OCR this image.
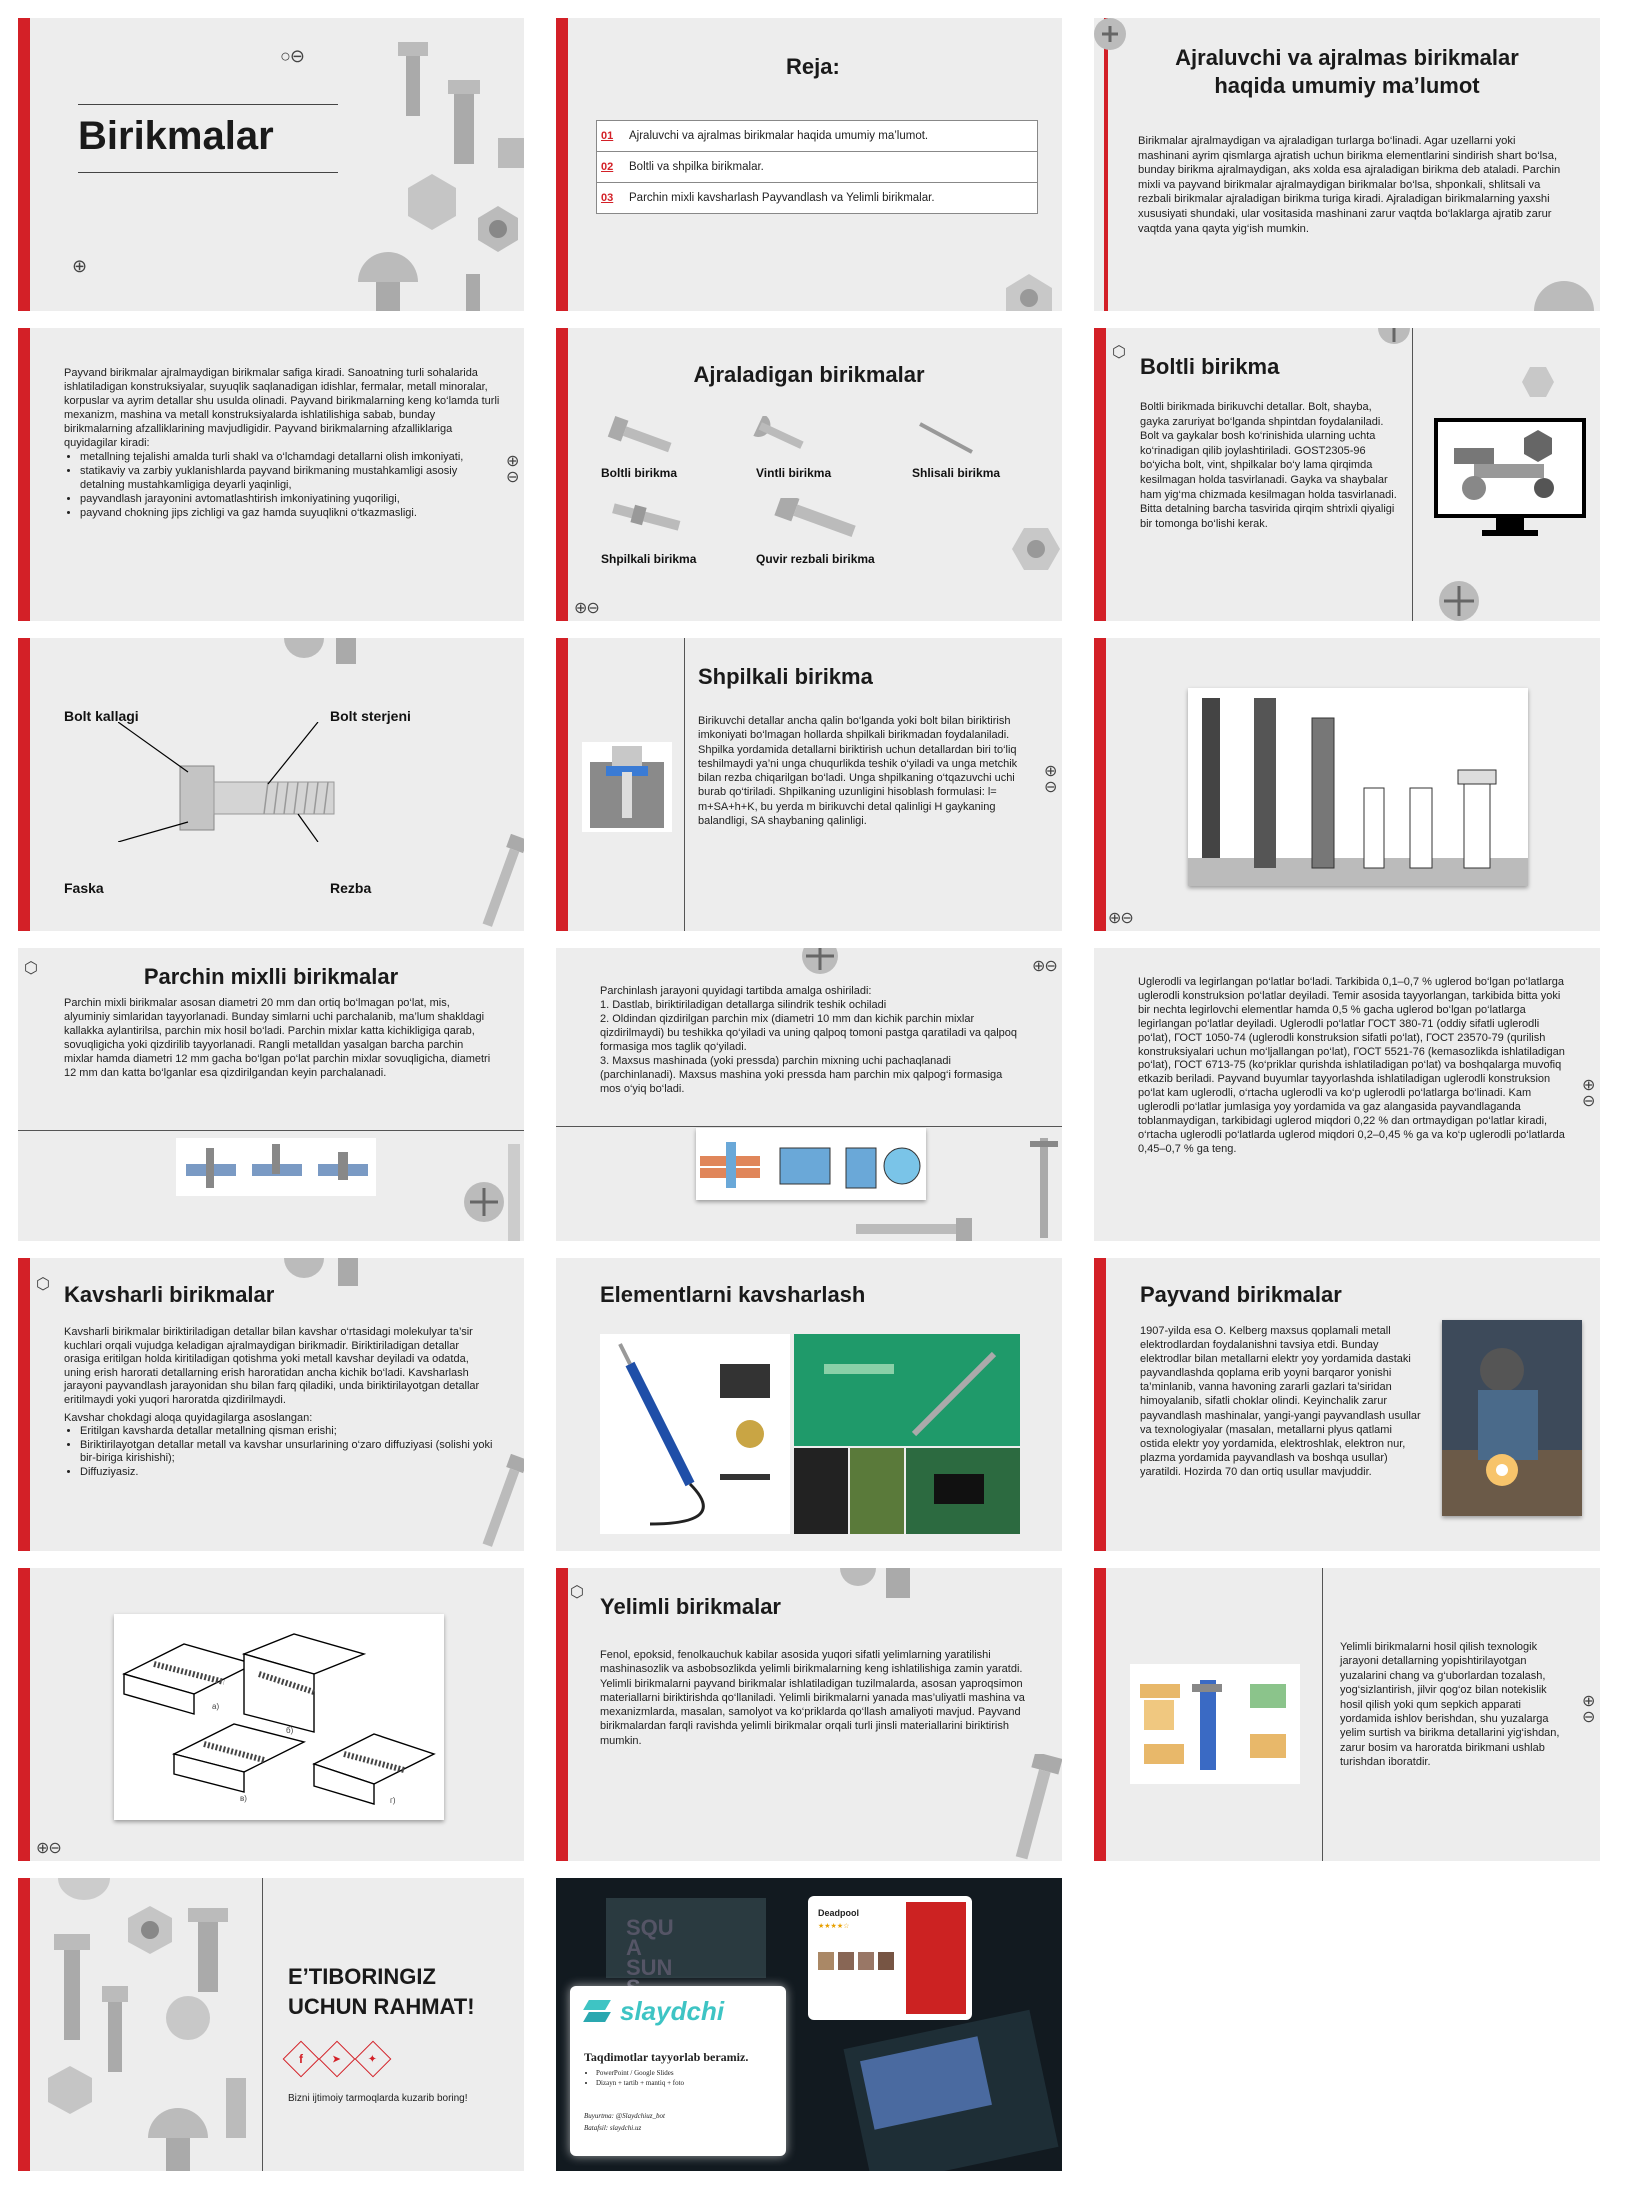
Birikmalar
○⊖
⊕
Reja:
01	Ajraluvchi va ajralmas birikmalar haqida umumiy ma’lumot.
02	Boltli va shpilka birikmalar.
03	Parchin mixli kavsharlash Payvandlash va Yelimli birikmalar.
Ajraluvchi va ajralmas birikmalar
haqida umumiy ma’lumot
Birikmalar ajralmaydigan va ajraladigan turlarga bo‘linadi. Agar uzellarni yoki mashinani ayrim qismlarga ajratish uchun birikma elementlarini sindirish shart bo‘lsa, bunday birikma ajralmaydigan, aks xolda esa ajraladigan birikma deb ataladi. Parchin mixli va payvand birikmalar ajralmaydigan birikmalar bo‘lsa, shponkali, shlitsali va rezbali birikmalar ajraladigan birikma turiga kiradi. Ajraladigan birikmalarning yaxshi xususiyati shundaki, ular vositasida mashinani zarur vaqtda bo‘laklarga ajratib zarur vaqtda yana qayta yig‘ish mumkin.
Payvand birikmalar ajralmaydigan birikmalar safiga kiradi. Sanoatning turli sohalarida ishlatiladigan konstruksiyalar, suyuqlik saqlanadigan idishlar, fermalar, metall minoralar, korpuslar va ayrim detallar shu usulda olinadi. Payvand birikmalarning keng ko‘lamda turli mexanizm, mashina va metall konstruksiyalarda ishlatilishiga sabab, bunday birikmalarning afzalliklarining mavjudligidir. Payvand birikmalarning afzalliklariga quyidagilar kiradi:
• metallning tejalishi amalda turli shakl va o‘lchamdagi detallarni olish imkoniyati,
• statikaviy va zarbiy yuklanishlarda payvand birikmaning mustahkamligi asosiy detalning mustahkamligiga deyarli yaqinligi,
• payvandlash jarayonini avtomatlashtirish imkoniyatining yuqoriligi,
• payvand chokning jips zichligi va gaz hamda suyuqlikni o‘tkazmasligi.
⊕
⊖
Ajraladigan birikmalar
Boltli birikma	Vintli birikma	Shlisali birikma
Shpilkali birikma	Quvir rezbali birikma
⊕⊖
⬡
Boltli birikma
Boltli birikmada birikuvchi detallar. Bolt, shayba, gayka zaruriyat bo‘lganda shpintdan foydalaniladi. Bolt va gaykalar bosh ko‘rinishida ularning uchta ko‘rinadigan qilib joylashtiriladi. GOST2305-96 bo‘yicha bolt, vint, shpilkalar bo‘y lama qirqimda kesilmagan holda tasvirlanadi. Gayka va shaybalar ham yig‘ma chizmada kesilmagan holda tasvirlanadi. Bitta detalning barcha tasvirida qirqim shtrixli qiyaligi bir tomonga bo‘lishi kerak.
Bolt kallagi	Bolt sterjeni
Faska	Rezba
Shpilkali birikma
Birikuvchi detallar ancha qalin bo‘lganda yoki bolt bilan biriktirish imkoniyati bo‘lmagan hollarda shpilkali birikmadan foydalaniladi. Shpilka yordamida detallarni biriktirish uchun detallardan biri to‘liq teshilmaydi ya’ni unga chuqurlikda teshik o‘yiladi va unga metchik bilan rezba chiqarilgan bo‘ladi. Unga shpilkaning o‘tqazuvchi uchi burab qo‘tiriladi. Shpilkaning uzunligini hisoblash formulasi: l= m+SA+h+K, bu yerda m birikuvchi detal qalinligi H gaykaning balandligi, SA shaybaning qalinligi.
⊕
⊖
⊕⊖
⬡	Parchin mixlli birikmalar
Parchin mixli birikmalar asosan diametri 20 mm dan ortiq bo‘lmagan po‘lat, mis, alyuminiy simlaridan tayyorlanadi. Bunday simlarni uchi parchalanib, ma’lum shakldagi kallakka aylantirilsa, parchin mix hosil bo‘ladi. Parchin mixlar katta kichikligiga qarab, sovuqligicha yoki qizdirilib tayyorlanadi. Rangli metalldan yasalgan barcha parchin mixlar hamda diametri 12 mm gacha bo‘lgan po‘lat parchin mixlar sovuqligicha, diametri 12 mm dan katta bo‘lganlar esa qizdirilgandan keyin parchalanadi.
Parchinlash jarayoni quyidagi tartibda amalga oshiriladi:
1. Dastlab, biriktiriladigan detallarga silindrik teshik ochiladi
2. Oldindan qizdirilgan parchin mix (diametri 10 mm dan kichik parchin mixlar qizdirilmaydi) bu teshikka qo‘yiladi va uning qalpoq tomoni pastga qaratiladi va qalpoq formasiga mos taglik qo‘yiladi.
3. Maxsus mashinada (yoki pressda) parchin mixning uchi pachaqlanadi (parchinlanadi). Maxsus mashina yoki pressda ham parchin mix qalpog‘i formasiga mos o‘yiq bo‘ladi.
⊕⊖
Uglerodli va legirlangan po‘latlar bo‘ladi. Tarkibida 0,1–0,7 % uglerod bo‘lgan po‘latlarga uglerodli konstruksion po‘latlar deyiladi. Temir asosida tayyorlangan, tarkibida bitta yoki bir nechta legirlovchi elementlar hamda 0,5 % gacha uglerod bo‘lgan po‘latlarga legirlangan po‘latlar deyiladi. Uglerodli po‘latlar ГОСТ 380-71 (oddiy sifatli uglerodli po‘lat), ГОСТ 1050-74 (uglerodli konstruksion sifatli po‘lat), ГОСТ 23570-79 (qurilish konstruksiyalari uchun mo‘ljallangan po‘lat), ГОСТ 5521-76 (kemasozlikda ishlatiladigan po‘lat), ГОСТ 6713-75 (ko‘priklar qurishda ishlatiladigan po‘lat) va boshqalarga muvofiq etkazib beriladi. Payvand buyumlar tayyorlashda ishlatiladigan uglerodli konstruksion po‘lat kam uglerodli, o‘rtacha uglerodli va ko‘p uglerodli po‘latlarga bo‘linadi. Kam uglerodli po‘latlar jumlasiga yoy yordamida va gaz alangasida payvandlaganda toblanmaydigan, tarkibidagi uglerod miqdori 0,22 % dan ortmaydigan po‘latlar kiradi, o‘rtacha uglerodli po‘latlarda uglerod miqdori 0,2–0,45 % ga va ko‘p uglerodli po‘latlarda 0,45–0,7 % ga teng.
⊕
⊖
⬡ Kavsharli birikmalar
Kavsharli birikmalar biriktiriladigan detallar bilan kavshar o‘rtasidagi molekulyar ta’sir kuchlari orqali vujudga keladigan ajralmaydigan birikmadir. Biriktiriladigan detallar orasiga eritilgan holda kiritiladigan qotishma yoki metall kavshar deyiladi va odatda, uning erish harorati detallarning erish haroratidan ancha kichik bo‘ladi. Kavsharlash jarayoni payvandlash jarayonidan shu bilan farq qiladiki, unda biriktirilayotgan detallar eritilmaydi yoki yuqori haroratda qizdirilmaydi.
Kavshar chokdagi aloqa quyidagilarga asoslangan:
• Eritilgan kavsharda detallar metallning qisman erishi;
• Biriktirilayotgan detallar metall va kavshar unsurlarining o‘zaro diffuziyasi (solishi yoki bir-biriga kirishishi);
• Diffuziyasiz.
Elementlarni kavsharlash	Payvand birikmalar
1907-yilda esa O. Kelberg maxsus qoplamali metall elektrodlardan foydalanishni tavsiya etdi. Bunday elektrodlar bilan metallarni elektr yoy yordamida dastaki payvandlashda qoplama erib yoyni barqaror yonishi ta’minlanib, vanna havoning zararli gazlari ta’siridan himoyalanib, sifatli choklar olindi. Keyinchalik zarur payvandlash mashinalar, yangi-yangi payvandlash usullar va texnologiyalar (masalan, metallarni plyus qatlami ostida elektr yoy yordamida, elektroshlak, elektron nur, plazma yordamida payvandlash va boshqa usullar) yaratildi. Hozirda 70 dan ortiq usullar mavjuddir.
a)
б)
в)	г)
⊕⊖
⬡
Yelimli birikmalar
Fenol, epoksid, fenolkauchuk kabilar asosida yuqori sifatli yelimlarning yaratilishi mashinasozlik va asbobsozlikda yelimli birikmalarning keng ishlatilishiga zamin yaratdi. Yelimli birikmalarni payvand birikmalar ishlatiladigan tuzilmalarda, asosan yaproqsimon materiallarni biriktirishda qo‘llaniladi. Yelimli birikmalarni yanada mas’uliyatli mashina va mexanizmlarda, masalan, samolyot va ko‘priklarda qo‘llash amaliyoti mavjud. Payvand birikmalardan farqli ravishda yelimli birikmalar orqali turli jinsli materiallarini biriktirish mumkin.
Yelimli birikmalarni hosil qilish texnologik jarayoni detallarning yopishtirilayotgan yuzalarini chang va g‘uborlardan tozalash, yog‘sizlantirish, jilvir qog‘oz bilan notekislik hosil qilish yoki qum sepkich apparati yordamida ishlov berishdan, shu yuzalarga yelim surtish va birikma detallarini yig‘ishdan, zarur bosim va haroratda birikmani ushlab turishdan iboratdir.
⊕
⊖
E’TIBORINGIZ
UCHUN RAHMAT!
f	➤ ✦
Bizni ijtimoiy tarmoqlarda kuzarib boring!
SQUA SUN
Deadpool
★★★★☆
slaydchi
Taqdimotlar tayyorlab beramiz.
• PowerPoint / Google Slides
• Dizayn + tartib + mantiq + foto
Buyurtma: @Slaydchiuz_bot
Batafsil: slaydchi.uz
